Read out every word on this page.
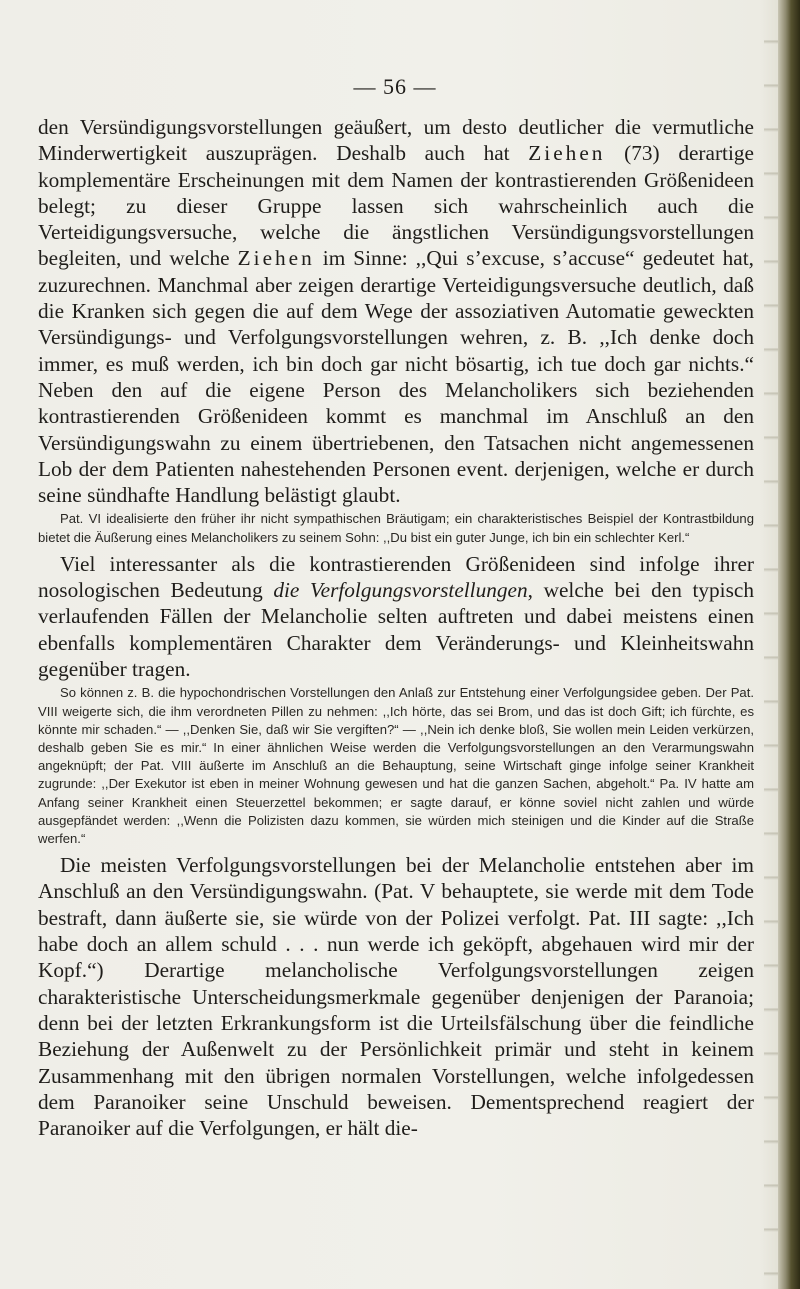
— 56 —

den Versündigungsvorstellungen geäußert, um desto deutlicher die vermutliche Minderwertigkeit auszuprägen. Deshalb auch hat Ziehen (73) derartige komplementäre Erscheinungen mit dem Namen der kontrastierenden Größenideen belegt; zu dieser Gruppe lassen sich wahrscheinlich auch die Verteidigungsversuche, welche die ängstlichen Versündigungsvorstellungen begleiten, und welche Ziehen im Sinne: ,,Qui s’excuse, s’accuse“ gedeutet hat, zuzurechnen. Manchmal aber zeigen derartige Verteidigungsversuche deutlich, daß die Kranken sich gegen die auf dem Wege der assoziativen Automatie geweckten Versündigungs- und Verfolgungsvorstellungen wehren, z. B. ,,Ich denke doch immer, es muß werden, ich bin doch gar nicht bösartig, ich tue doch gar nichts.“ Neben den auf die eigene Person des Melancholikers sich beziehenden kontrastierenden Größenideen kommt es manchmal im Anschluß an den Versündigungswahn zu einem übertriebenen, den Tatsachen nicht angemessenen Lob der dem Patienten nahestehenden Personen event. derjenigen, welche er durch seine sündhafte Handlung belästigt glaubt.

Pat. VI idealisierte den früher ihr nicht sympathischen Bräutigam; ein charakteristisches Beispiel der Kontrastbildung bietet die Äußerung eines Melancholikers zu seinem Sohn: ,,Du bist ein guter Junge, ich bin ein schlechter Kerl.“

Viel interessanter als die kontrastierenden Größenideen sind infolge ihrer nosologischen Bedeutung die Verfolgungsvorstellungen, welche bei den typisch verlaufenden Fällen der Melancholie selten auftreten und dabei meistens einen ebenfalls komplementären Charakter dem Veränderungs- und Kleinheitswahn gegenüber tragen.

So können z. B. die hypochondrischen Vorstellungen den Anlaß zur Entstehung einer Verfolgungsidee geben. Der Pat. VIII weigerte sich, die ihm verordneten Pillen zu nehmen: ,,Ich hörte, das sei Brom, und das ist doch Gift; ich fürchte, es könnte mir schaden.“ — ,,Denken Sie, daß wir Sie vergiften?“ — ,,Nein ich denke bloß, Sie wollen mein Leiden verkürzen, deshalb geben Sie es mir.“ In einer ähnlichen Weise werden die Verfolgungsvorstellungen an den Verarmungswahn angeknüpft; der Pat. VIII äußerte im Anschluß an die Behauptung, seine Wirtschaft ginge infolge seiner Krankheit zugrunde: ,,Der Exekutor ist eben in meiner Wohnung gewesen und hat die ganzen Sachen, abgeholt.“ Pa. IV hatte am Anfang seiner Krankheit einen Steuerzettel bekommen; er sagte darauf, er könne soviel nicht zahlen und würde ausgepfändet werden: ,,Wenn die Polizisten dazu kommen, sie würden mich steinigen und die Kinder auf die Straße werfen.“

Die meisten Verfolgungsvorstellungen bei der Melancholie entstehen aber im Anschluß an den Versündigungswahn. (Pat. V behauptete, sie werde mit dem Tode bestraft, dann äußerte sie, sie würde von der Polizei verfolgt. Pat. III sagte: ,,Ich habe doch an allem schuld . . . nun werde ich geköpft, abgehauen wird mir der Kopf.“) Derartige melancholische Verfolgungsvorstellungen zeigen charakteristische Unterscheidungsmerkmale gegenüber denjenigen der Paranoia; denn bei der letzten Erkrankungsform ist die Urteilsfälschung über die feindliche Beziehung der Außenwelt zu der Persönlichkeit primär und steht in keinem Zusammenhang mit den übrigen normalen Vorstellungen, welche infolgedessen dem Paranoiker seine Unschuld beweisen. Dementsprechend reagiert der Paranoiker auf die Verfolgungen, er hält die-
